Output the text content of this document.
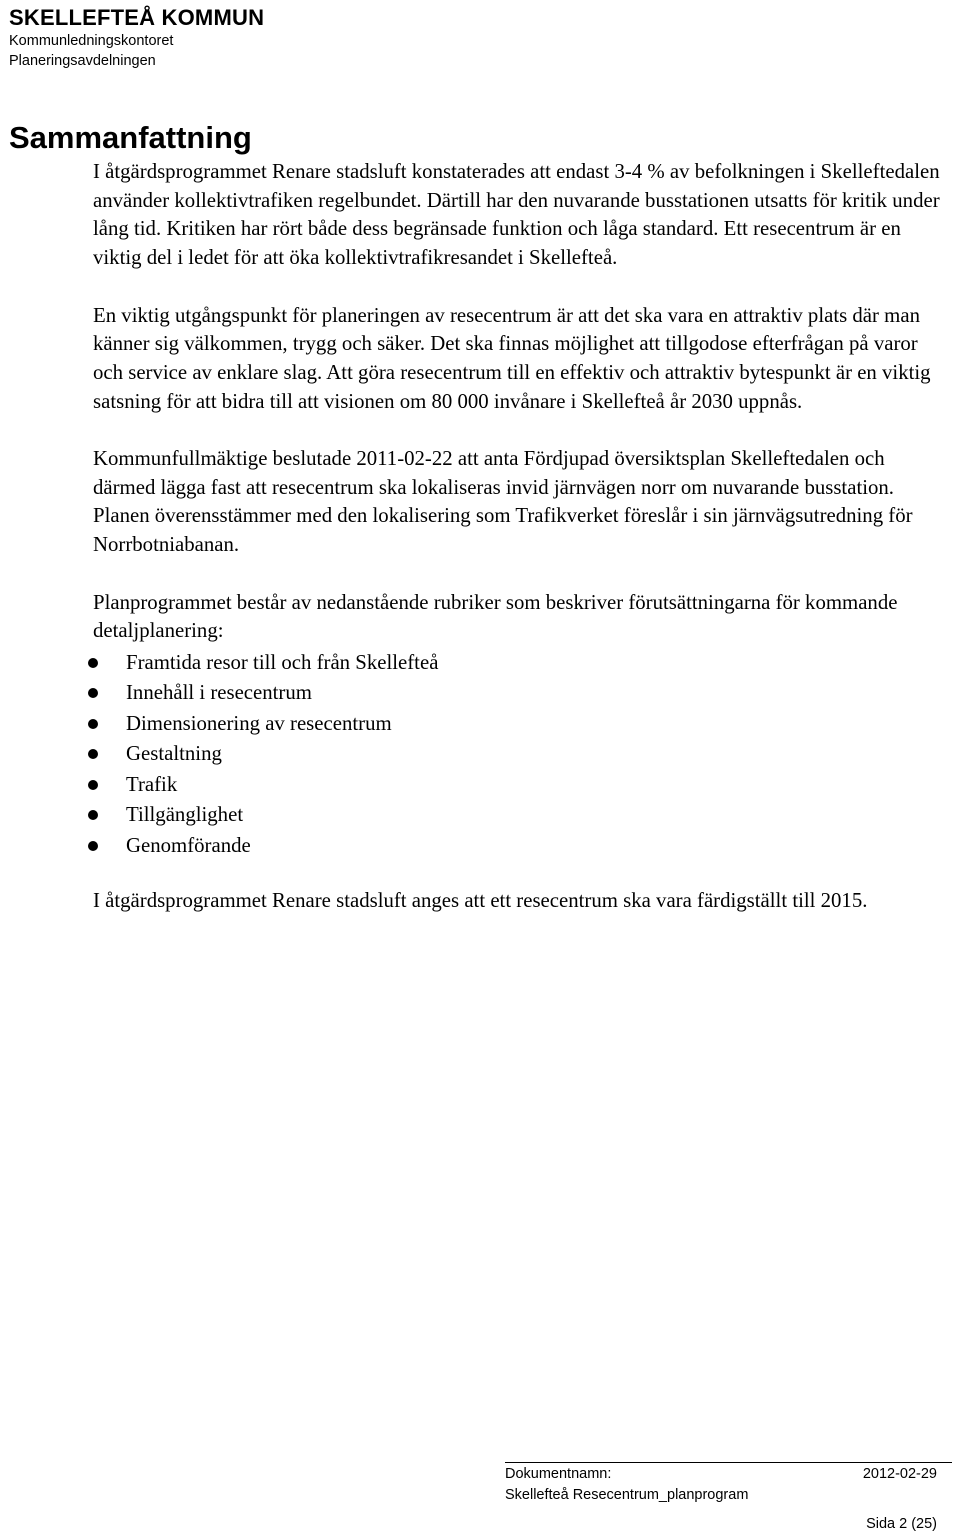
SKELLEFTEÅ KOMMUN
Kommunledningskontoret
Planeringsavdelningen
Sammanfattning

I åtgärdsprogrammet Renare stadsluft konstaterades att endast 3-4 % av befolkningen i Skelleftedalen använder kollektivtrafiken regelbundet. Därtill har den nuvarande busstationen utsatts för kritik under lång tid. Kritiken har rört både dess begränsade funktion och låga standard. Ett resecentrum är en viktig del i ledet för att öka kollektivtrafikresandet i Skellefteå.

En viktig utgångspunkt för planeringen av resecentrum är att det ska vara en attraktiv plats där man känner sig välkommen, trygg och säker. Det ska finnas möjlighet att tillgodose efterfrågan på varor och service av enklare slag. Att göra resecentrum till en effektiv och attraktiv bytespunkt är en viktig satsning för att bidra till att visionen om 80 000 invånare i Skellefteå år 2030 uppnås.

Kommunfullmäktige beslutade 2011-02-22 att anta Fördjupad översiktsplan Skelleftedalen och därmed lägga fast att resecentrum ska lokaliseras invid järnvägen norr om nuvarande busstation. Planen överensstämmer med den lokalisering som Trafikverket föreslår i sin järnvägsutredning för Norrbotniabanan.

Planprogrammet består av nedanstående rubriker som beskriver förutsättningarna för kommande detaljplanering:

Framtida resor till och från Skellefteå
Innehåll i resecentrum
Dimensionering av resecentrum
Gestaltning
Trafik
Tillgänglighet
Genomförande

I åtgärdsprogrammet Renare stadsluft anges att ett resecentrum ska vara färdigställt till 2015.

Dokumentnamn:	2012-02-29
Skellefteå Resecentrum_planprogram
Sida 2 (25)
